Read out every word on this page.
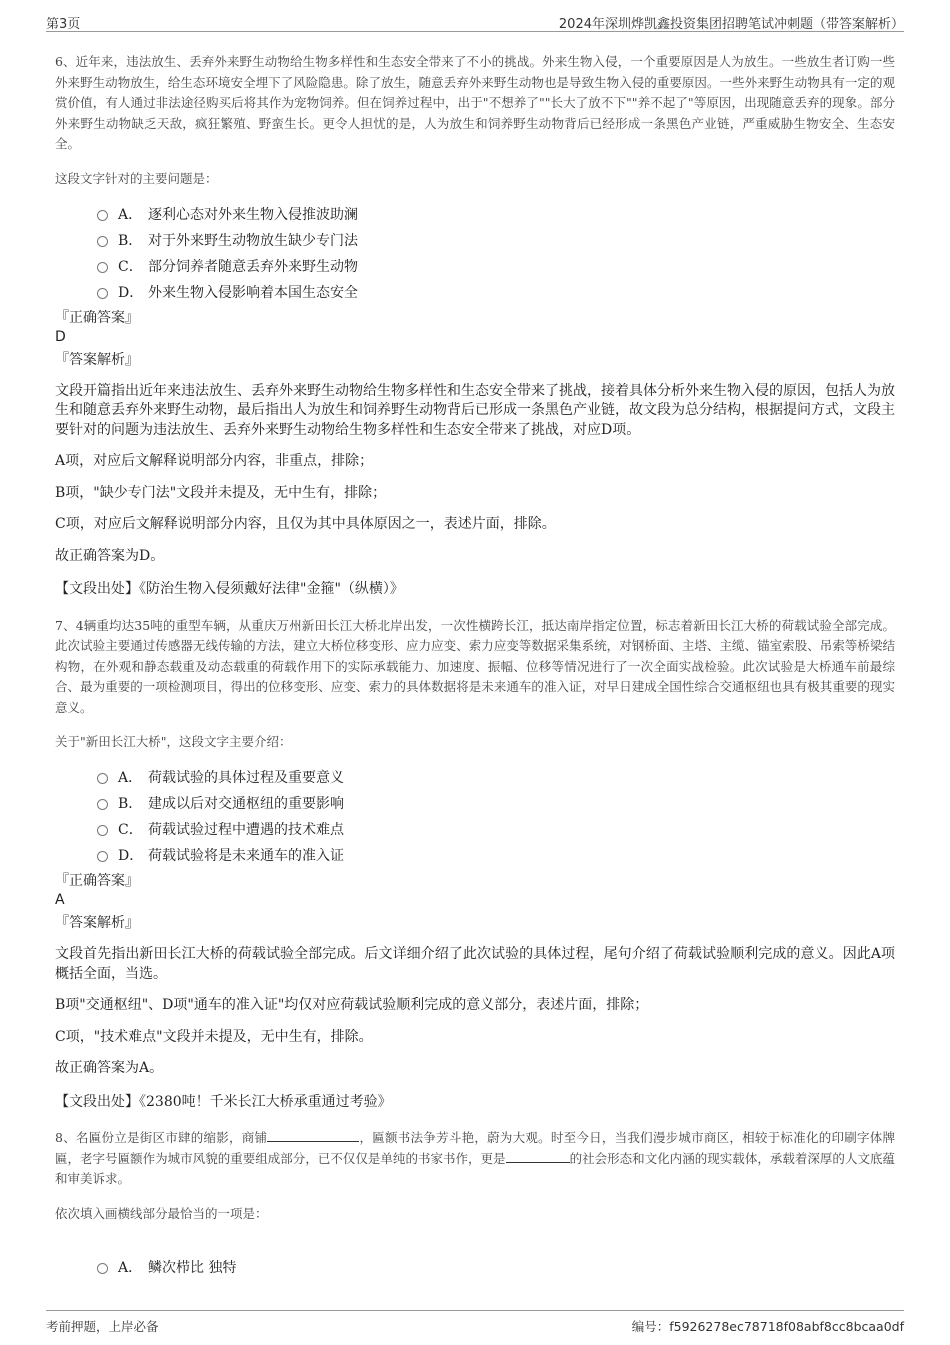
第3页	2024年深圳烨凯鑫投资集团招聘笔试冲刺题（带答案解析）
6、近年来，违法放生、丢弃外来野生动物给生物多样性和生态安全带来了不小的挑战。外来生物入侵，一个重要原因是人为放生。一些放生者订购一些外来野生动物放生，给生态环境安全埋下了风险隐患。除了放生，随意丢弃外来野生动物也是导致生物入侵的重要原因。一些外来野生动物具有一定的观赏价值，有人通过非法途径购买后将其作为宠物饲养。但在饲养过程中，出于"不想养了""长大了放不下""养不起了"等原因，出现随意丢弃的现象。部分外来野生动物缺乏天敌，疯狂繁殖、野蛮生长。更令人担忧的是，人为放生和饲养野生动物背后已经形成一条黑色产业链，严重威胁生物安全、生态安全。
这段文字针对的主要问题是：
A． 逐利心态对外来生物入侵推波助澜
B． 对于外来野生动物放生缺少专门法
C． 部分饲养者随意丢弃外来野生动物
D． 外来生物入侵影响着本国生态安全
『正确答案』
D
『答案解析』
文段开篇指出近年来违法放生、丢弃外来野生动物给生物多样性和生态安全带来了挑战，接着具体分析外来生物入侵的原因，包括人为放生和随意丢弃外来野生动物，最后指出人为放生和饲养野生动物背后已形成一条黑色产业链，故文段为总分结构，根据提问方式，文段主要针对的问题为违法放生、丢弃外来野生动物给生物多样性和生态安全带来了挑战，对应D项。
A项，对应后文解释说明部分内容，非重点，排除；
B项，"缺少专门法"文段并未提及，无中生有，排除；
C项，对应后文解释说明部分内容，且仅为其中具体原因之一，表述片面，排除。
故正确答案为D。
【文段出处】《防治生物入侵须戴好法律"金箍"（纵横）》
7、4辆重均达35吨的重型车辆，从重庆万州新田长江大桥北岸出发，一次性横跨长江，抵达南岸指定位置，标志着新田长江大桥的荷载试验全部完成。此次试验主要通过传感器无线传输的方法，建立大桥位移变形、应力应变、索力应变等数据采集系统，对钢桥面、主塔、主缆、锚室索股、吊索等桥梁结构物，在外观和静态载重及动态载重的荷载作用下的实际承载能力、加速度、振幅、位移等情况进行了一次全面实战检验。此次试验是大桥通车前最综合、最为重要的一项检测项目，得出的位移变形、应变、索力的具体数据将是未来通车的准入证，对早日建成全国性综合交通枢纽也具有极其重要的现实意义。
关于"新田长江大桥"，这段文字主要介绍：
A． 荷载试验的具体过程及重要意义
B． 建成以后对交通枢纽的重要影响
C． 荷载试验过程中遭遇的技术难点
D． 荷载试验将是未来通车的准入证
『正确答案』
A
『答案解析』
文段首先指出新田长江大桥的荷载试验全部完成。后文详细介绍了此次试验的具体过程，尾句介绍了荷载试验顺利完成的意义。因此A项概括全面，当选。
B项"交通枢纽"、D项"通车的准入证"均仅对应荷载试验顺利完成的意义部分，表述片面，排除；
C项，"技术难点"文段并未提及，无中生有，排除。
故正确答案为A。
【文段出处】《2380吨！千米长江大桥承重通过考验》
8、名匾份立是街区市肆的缩影，商铺	，匾额书法争芳斗艳，蔚为大观。时至今日，当我们漫步城市商区，相较于标准化的印刷字体牌匾，老字号匾额作为城市风貌的重要组成部分，已不仅仅是单纯的书家书作，更是	的社会形态和文化内涵的现实载体，承载着深厚的人文底蕴和审美诉求。
依次填入画横线部分最恰当的一项是：
A． 鳞次栉比 独特
考前押题，上岸必备	编号：f5926278ec78718f08abf8cc8bcaa0df
